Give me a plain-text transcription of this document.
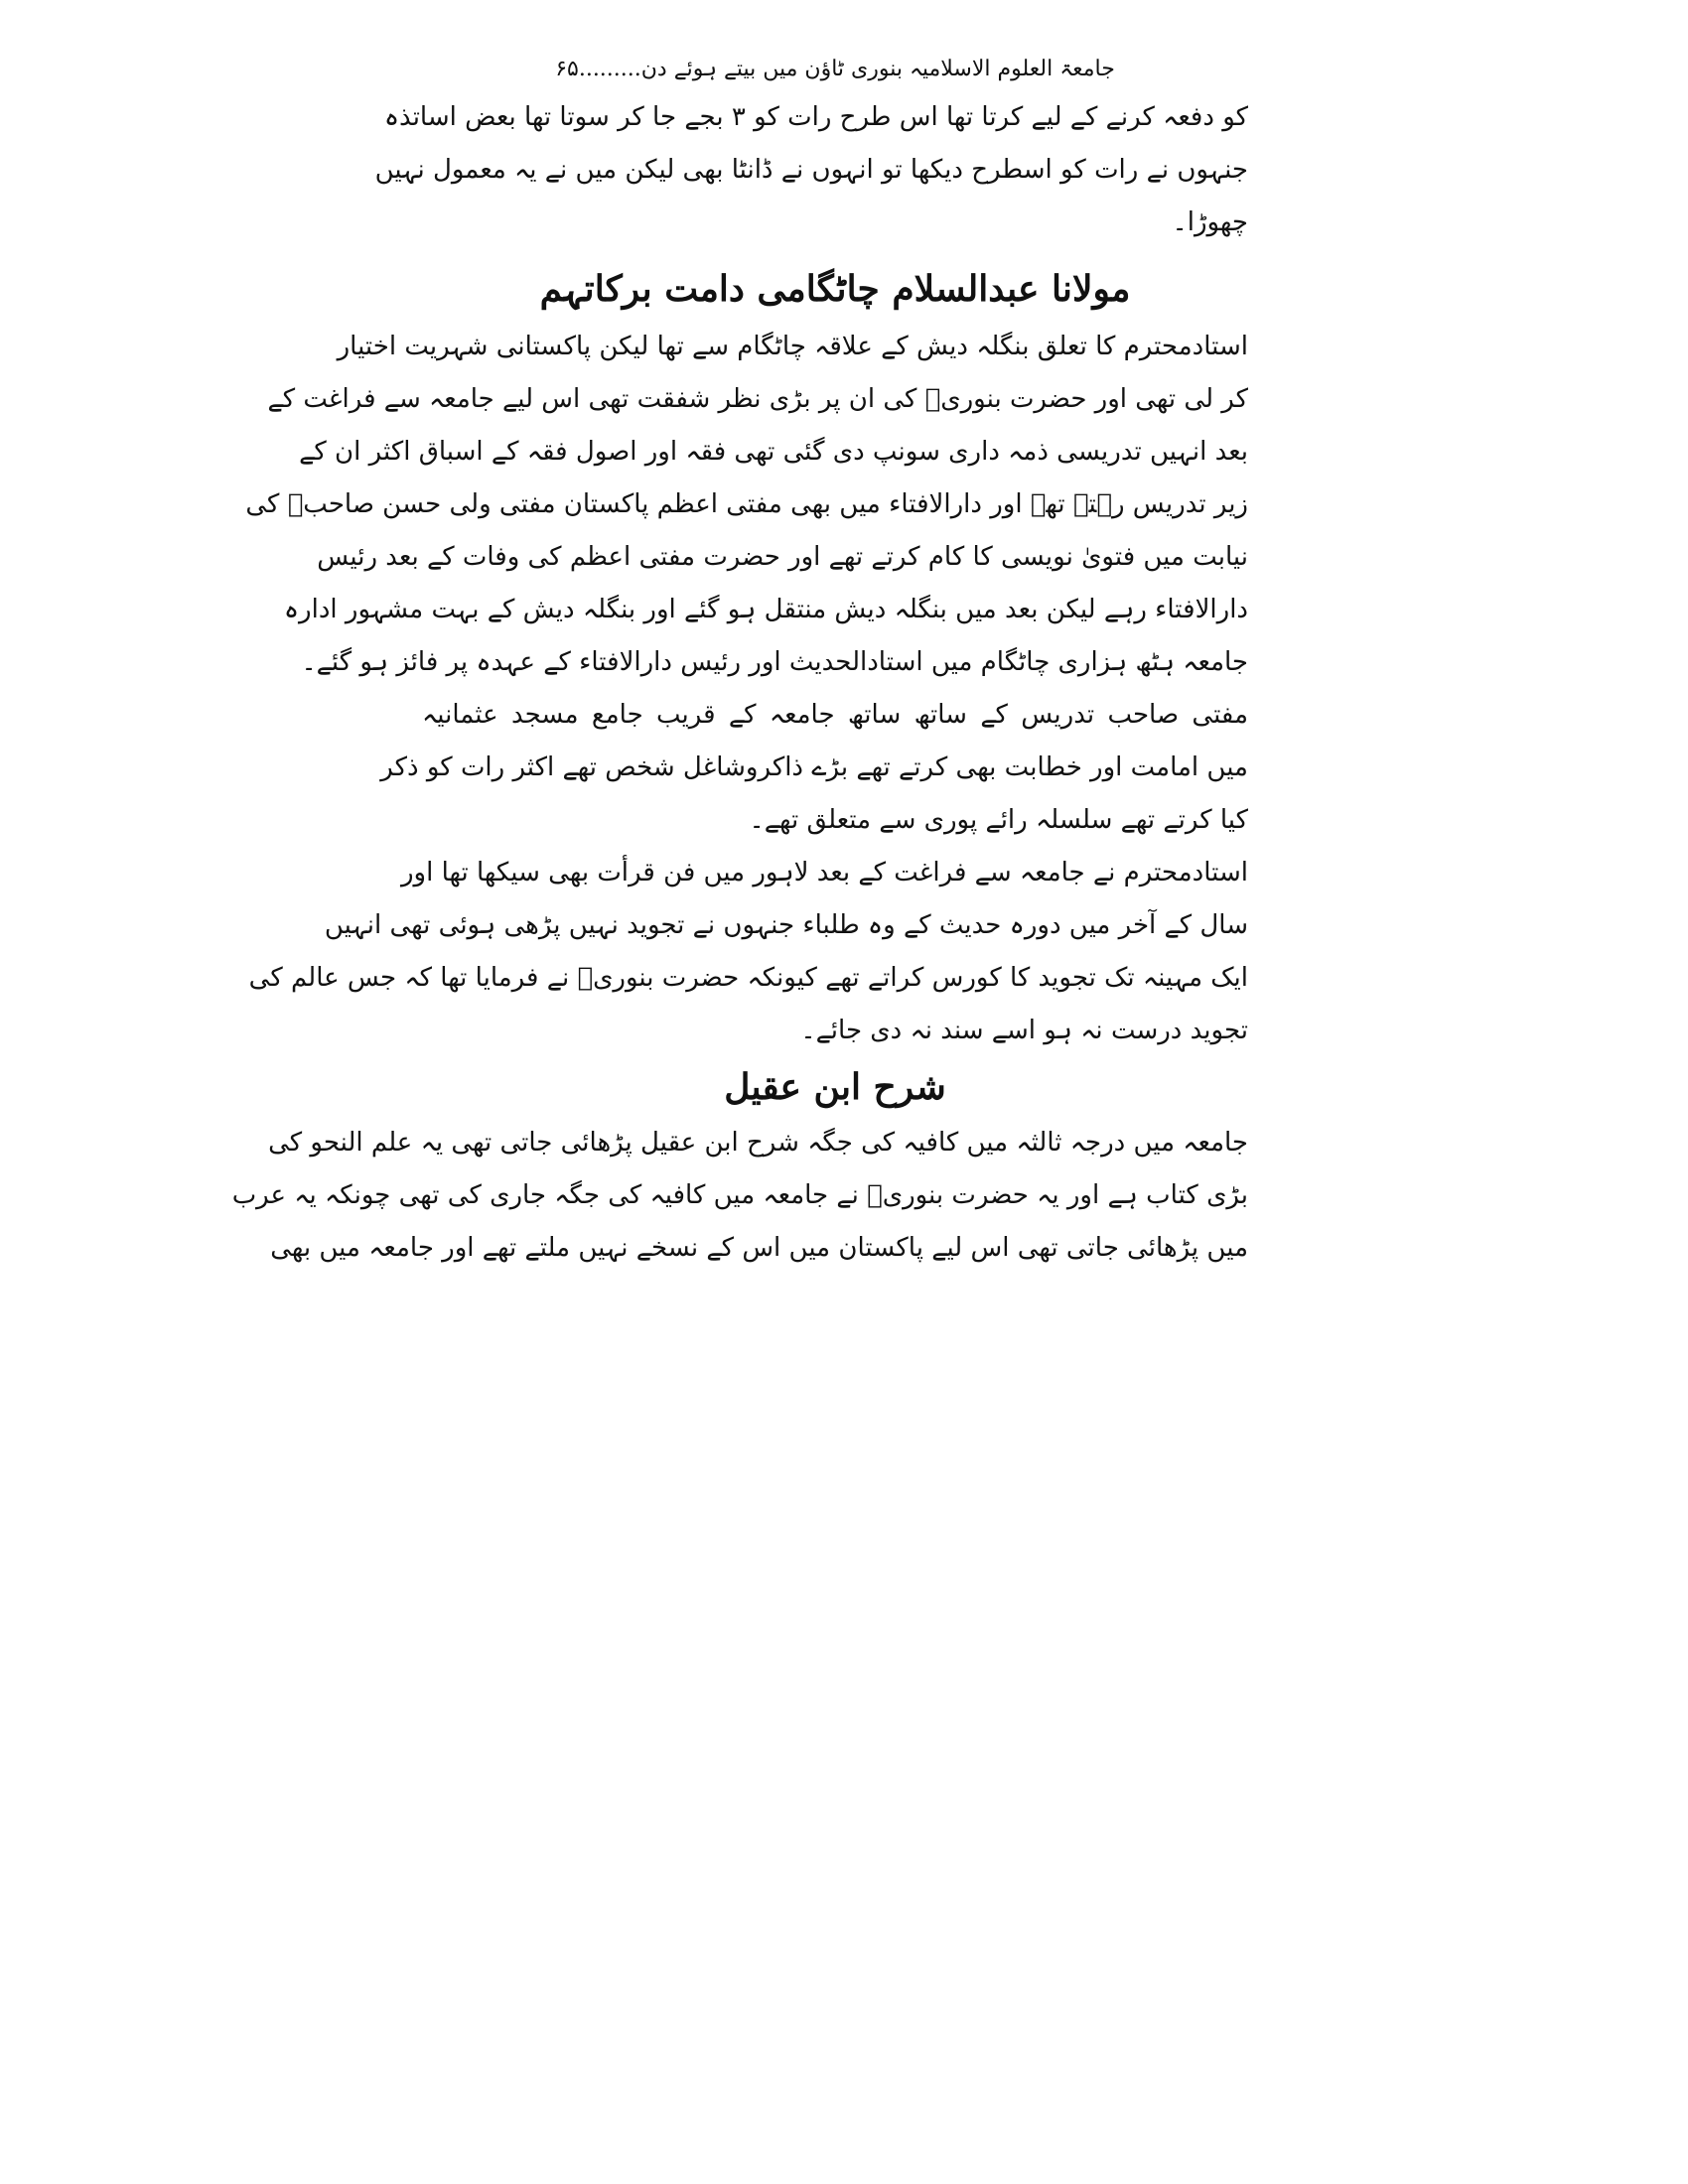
جامعۃ العلوم الاسلامیہ بنوری ٹاؤن میں بیتے ہوئے دن.........۶۵
کو دفعہ کرنے کے لیے کرتا تھا اس طرح رات کو ۳ بجے جا کر سوتا تھا بعض اساتذہ
جنہوں نے رات کو اسطرح دیکھا تو انہوں نے ڈانٹا بھی لیکن میں نے یہ معمول نہیں
چھوڑا۔
مولانا عبدالسلام چاٹگامی دامت برکاتہم
استادمحترم کا تعلق بنگلہ دیش کے علاقہ چاٹگام سے تھا لیکن پاکستانی شہریت اختیار
کر لی تھی اور حضرت بنوریؒ کی ان پر بڑی نظر شفقت تھی اس لیے جامعہ سے فراغت کے
بعد انہیں تدریسی ذمہ داری سونپ دی گئی تھی فقہ اور اصول فقہ کے اسباق اکثر ان کے
زیر تدریس رہتے تھے اور دارالافتاء میں بھی مفتی اعظم پاکستان مفتی ولی حسن صاحبؒ کی
نیابت میں فتویٰ نویسی کا کام کرتے تھے اور حضرت مفتی اعظم کی وفات کے بعد رئیس
دارالافتاء رہے لیکن بعد میں بنگلہ دیش منتقل ہو گئے اور بنگلہ دیش کے بہت مشہور ادارہ
جامعہ ہٹھ ہزاری چاٹگام میں استادالحدیث اور رئیس دارالافتاء کے عہدہ پر فائز ہو گئے۔
مفتی صاحب تدریس کے ساتھ ساتھ جامعہ کے قریب جامع مسجد عثمانیہ
میں امامت اور خطابت بھی کرتے تھے بڑے ذاکروشاغل شخص تھے اکثر رات کو ذکر
کیا کرتے تھے سلسلہ رائے پوری سے متعلق تھے۔
استادمحترم نے جامعہ سے فراغت کے بعد لاہور میں فن قرأت بھی سیکھا تھا اور
سال کے آخر میں دورہ حدیث کے وہ طلباء جنہوں نے تجوید نہیں پڑھی ہوئی تھی انہیں
ایک مہینہ تک تجوید کا کورس کراتے تھے کیونکہ حضرت بنوریؒ نے فرمایا تھا کہ جس عالم کی
تجوید درست نہ ہو اسے سند نہ دی جائے۔
شرح ابن عقیل
جامعہ میں درجہ ثالثہ میں کافیہ کی جگہ شرح ابن عقیل پڑھائی جاتی تھی یہ علم النحو کی
بڑی کتاب ہے اور یہ حضرت بنوریؒ نے جامعہ میں کافیہ کی جگہ جاری کی تھی چونکہ یہ عرب
میں پڑھائی جاتی تھی اس لیے پاکستان میں اس کے نسخے نہیں ملتے تھے اور جامعہ میں بھی
